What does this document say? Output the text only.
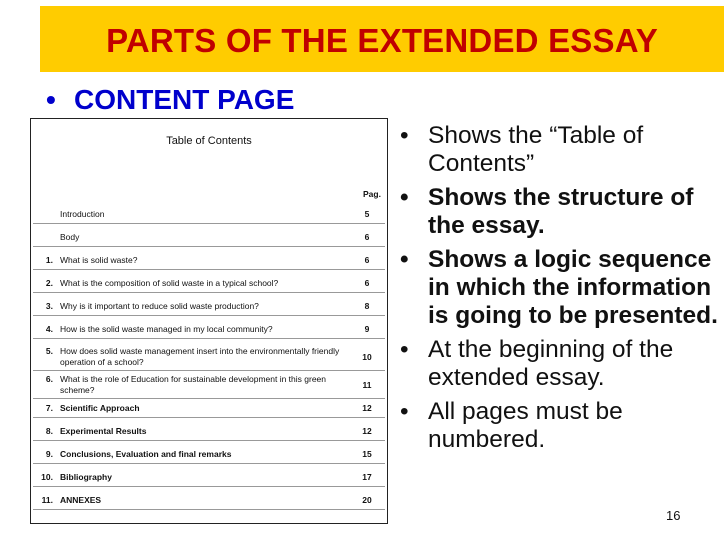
PARTS OF THE EXTENDED ESSAY
• CONTENT PAGE
Table of Contents
Pag.
Introduction	5
Body	6
1. What is solid waste?	6
2. What is the composition of solid waste in a typical school?	6
3. Why is it important to reduce solid waste production?	8
4. How is the solid waste managed in my local community?	9
5. How does solid waste management insert into the environmentally friendly operation of a school?	10
6. What is the role of Education for sustainable development in this green scheme?	11
7. Scientific Approach	12
8. Experimental Results	12
9. Conclusions, Evaluation and final remarks	15
10. Bibliography	17
11. ANNEXES	20
• Shows the “Table of Contents”
• Shows the structure of the essay.
• Shows a logic sequence in which the information is going to be presented.
• At the beginning of the extended essay.
• All pages must be numbered.
16
